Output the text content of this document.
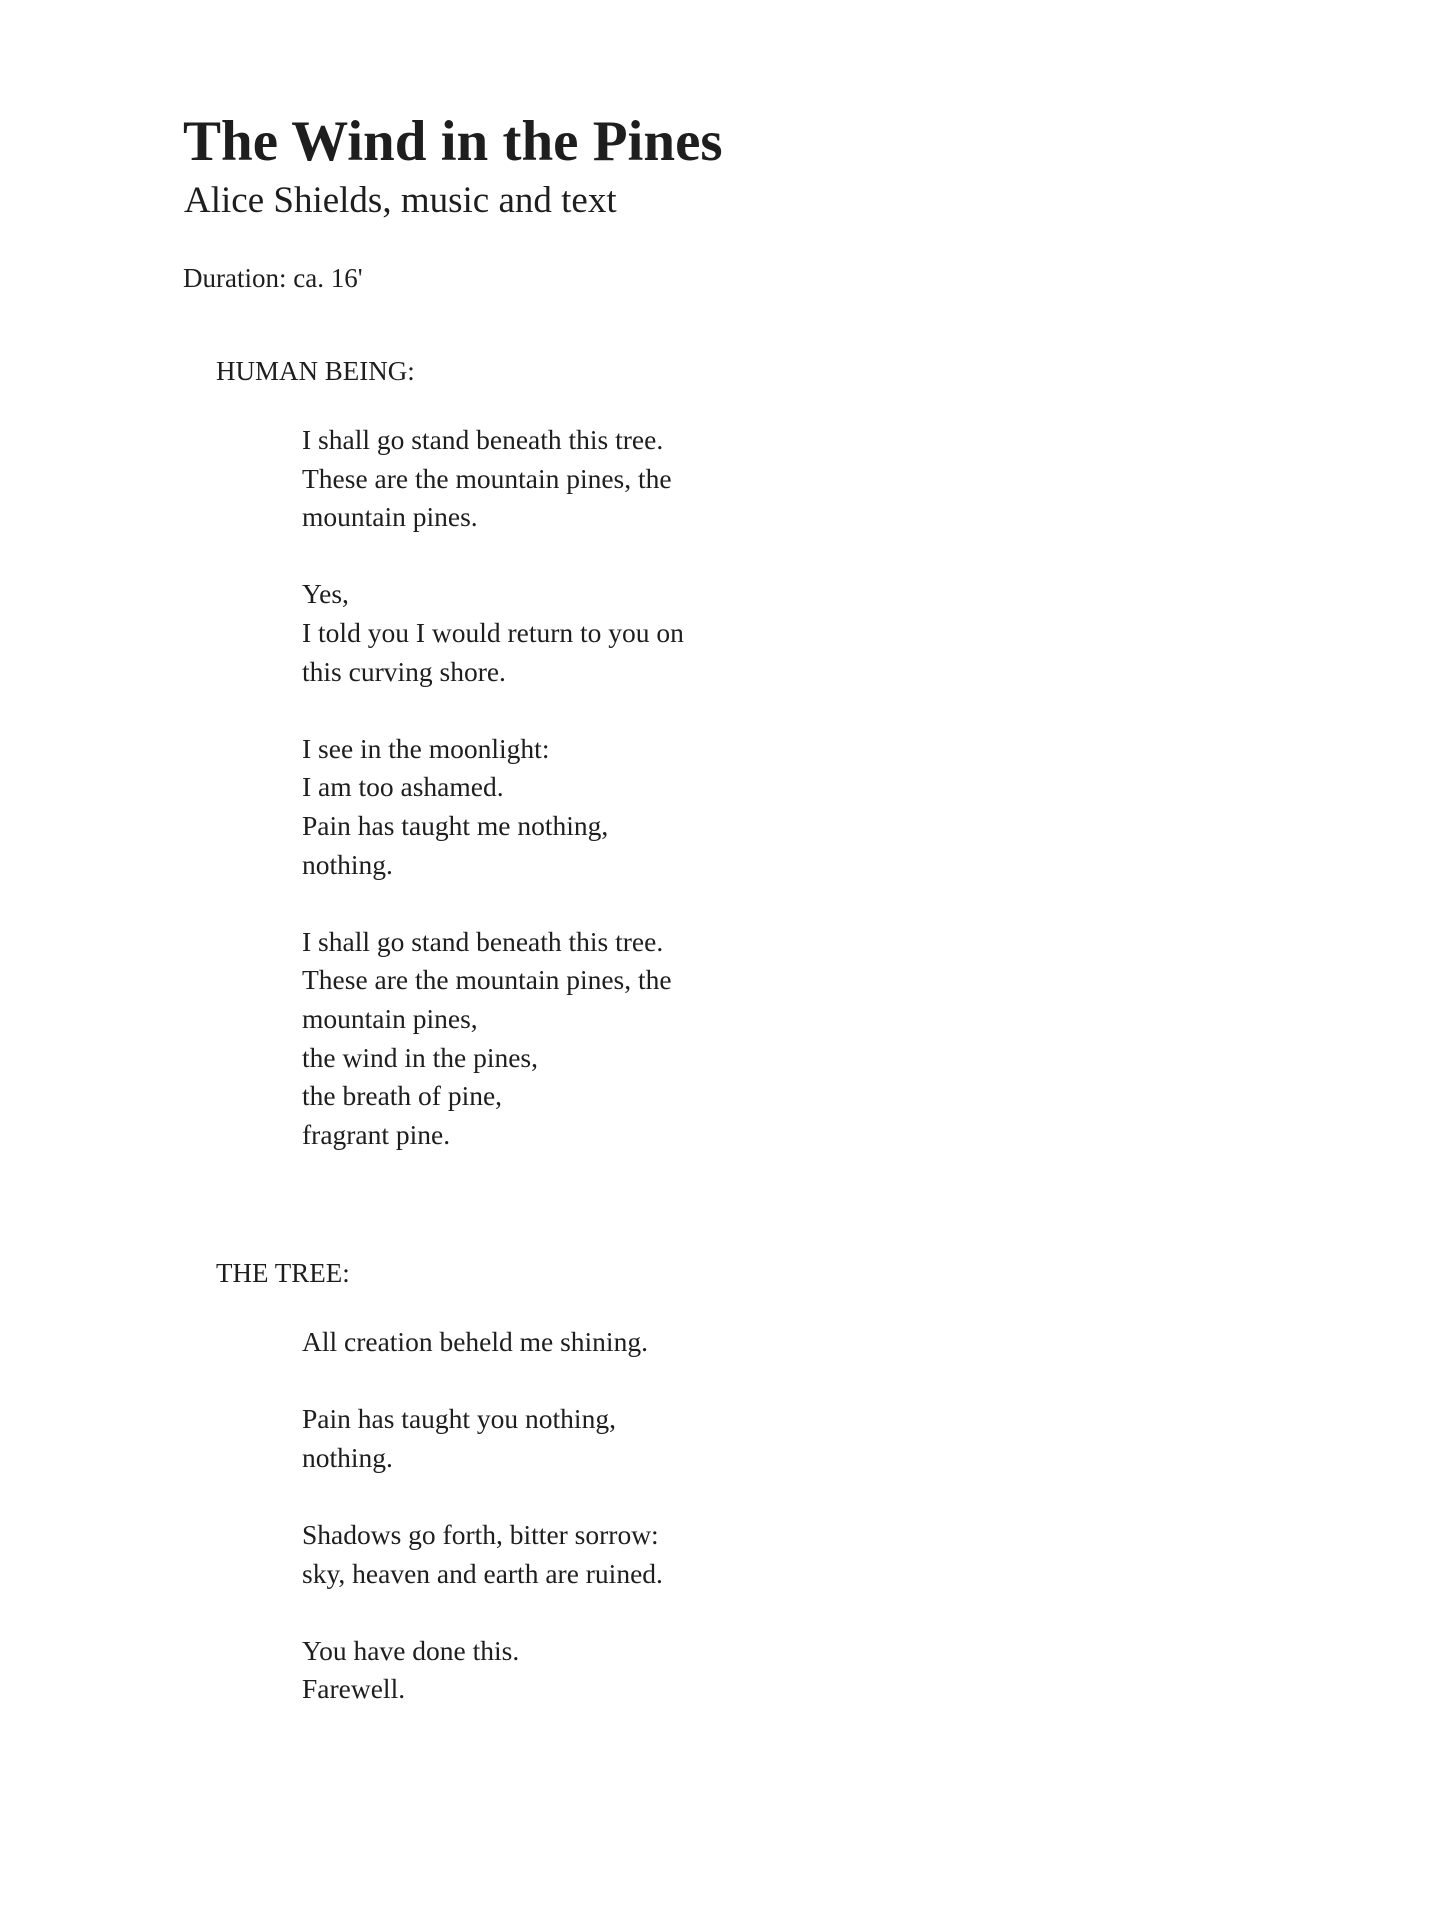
The Wind in the Pines

Alice Shields, music and text

Duration: ca. 16'

HUMAN BEING:

I shall go stand beneath this tree.
These are the mountain pines, the
mountain pines.
Yes,
I told you I would return to you on
this curving shore.
I see in the moonlight:
I am too ashamed.
Pain has taught me nothing,
nothing.
I shall go stand beneath this tree.
These are the mountain pines, the
mountain pines,
the wind in the pines,
the breath of pine,
fragrant pine.

THE TREE:

All creation beheld me shining.
Pain has taught you nothing,
nothing.
Shadows go forth, bitter sorrow:
sky, heaven and earth are ruined.
You have done this.
Farewell.
